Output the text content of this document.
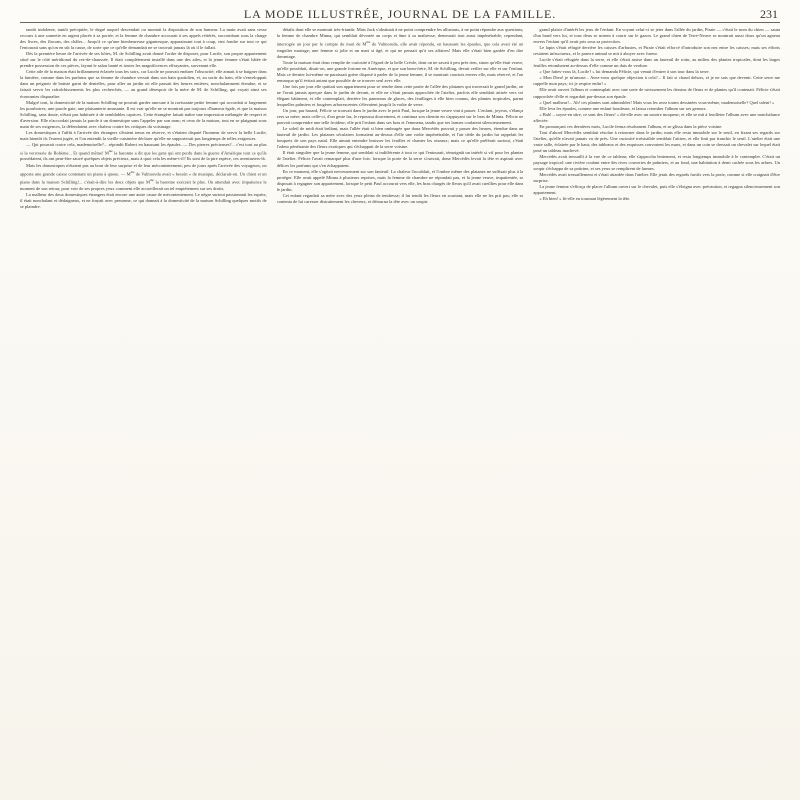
LA MODE ILLUSTRÉE, JOURNAL DE LA FAMILLE.	231

tantôt indolente, tantôt précipitée, le degré auquel descendait ou montait la disposition de son humeur. La main avait sans cesse recours à une sonnette en argent placée à sa portée, et la femme de chambre accourait à ses appels réitérés, succombant sous la charge des livres, des flacons, des châles... Jusqu'à ce qu'une bienheureuse gigantesque, apparaissant tout à coup, vint fondre sur tout ce qui l'entourait sans qu'on en sût la cause, de sorte que ce qu'elle demandait ne se trouvait jamais là où il le fallait.

Dès la première heure de l'arrivée de ses hôtes, M. de Schilling avait donné l'ordre de disposer, pour Lucile, son propre appartement situé sur le côté méridional du rez-de-chaussée. Il était complétement installé dans une des ailes, et la jeune femme s'était hâtée de prendre possession de ces pièces, fayant le salon hanté et toutes les magnificences effrayantes, survenant elle.

Cette aile de la maison était brillamment éclairée tous les soirs, car Lucile ne pouvait endurer l'obscurité; elle aimait à se baigner dans la lumière, comme dans les parfums que sa femme de chambre versait dans son bain quotidien, et, au sortir du bain, elle s'enveloppait dans un peignoir de batiste garni de dentelles, pour aller au jardin où elle passait des heures entières, nonchalamment étendue, et se faisait servir les rafraîchissements les plus recherchés, — au grand désespoir de la mère de M. de Schilling, qui voyait ainsi ses économies disparaître.

Malgré tout, la domesticité de la maison Schilling ne pouvait garder rancune à la ravissante petite femme qui accordait si largement les pourboires; une parole gaie, une plaisanterie amusante. Il est vrai qu'elle ne se montrait pas toujours d'humeur égale, et que la maison Schilling, sans doute, n'était pas habituée à de semblables caprices. Cette étrangère faisait naître une impression mélangée de respect et d'aversion. Elle n'accordait jamais la parole à un domestique sans l'appeler par son nom; et ceux de la maison, tout en se plaignant sous main de ses exigences, la défendaient avec chaleur contre les critiques du voisinage.

Les domestiques à l'affût à l'arrivée des étrangers s'étaient tenus en réserve, et s'étaient disputé l'honneur de servir la belle Lucile; mais bientôt ils l'eurent jugée, et l'on entendit la vieille cuisinière déclarer qu'elle ne supporterait pas longtemps de telles exigences.

— Qui pourrait croire cela, mademoiselle?... répondit Robert en haussant les épaules. — Des pierres précieuses?... c'est tout au plus si la verroterie de Bohème... Et quand même! $M^{me}$ la baronne a dit que les gens qui ont perdu dans la guerre d'Amérique tout ce qu'ils possédaient, ils ont peut-être sauvé quelques objets précieux, mais à quoi cela les mène-t-il? Ils sont de la pire espèce, ces aventuriers-là.

Mais les domestiques n'étaient pas au bout de leur surprise et de leur mécontentement; peu de jours après l'arrivée des voyageurs, on apporta une grande caisse contenant un piano à queue. — $M^{me}$ de Valmoreda avait « besoin » de musique, déclarait-on. Un chien et un piano dans la maison Schilling!... c'était-à-dire les deux objets que $M^{me}$ la baronne exécrait le plus. On attendait avec impatience le moment de son retour, pour voir de ses propres yeux comment elle accueillerait un tel empiétement sur ses droits.

La malheur des deux domestiques étrangers était encore une autre cause de mécontentement. Le nègre surtout passionnait les esprits; il était nonchalant et dédaigneux, et ne frayait avec personne, ce qui donnait à la domesticité de la maison Schilling quelques motifs de se plaindre.

détails dont elle se montrait très-friande. Mais Jack s'obstinait à ne point comprendre les allusions, à ne point répondre aux questions; la femme de chambre Minna, qui semblait dévouée au corps et âme à sa maîtresse, demeurait tout aussi impénétrable; cependant, interrogée un jour par le compte du mari de $M^{me}$ de Valmoreda, elle avait répondu, en haussant les épaules, que cela avait été un singulier mariage; une femme si jolie et un mari si âgé, et qui ne pensait qu'à ses affaires! Mais elle s'était bien gardée d'en dire davantage.

Toute la maison était donc remplie de curiosité à l'égard de la belle Créole, dont on ne savait à peu près rien, sinon qu'elle était veuve, qu'elle possédait, disait-on, une grande fortune en Amérique, et que son beau-frère, M. de Schilling, devait veiller sur elle et sur l'enfant. Mais ce dernier lui-même ne paraissait guère disposé à parler de la jeune femme; il se montrait courtois envers elle, mais réservé, et l'on remarqua qu'il évitait autant que possible de se trouver seul avec elle.

Une fois par jour elle quittait son appartement pour se rendre dans cette partie de l'allée des platanes qui traversait le grand jardin; on ne l'avait jamais aperçue dans le jardin de devant, et elle ne s'était jamais approchée de l'atelier, parfois elle semblait attirée vers cet élégant bâtiment, et elle contemplait, derrière les panneaux de glaces, des feuillages à elle bien connus, des plantes tropicales, parmi lesquelles palmiers et fougères arborescentes s'élevaient jusqu'à la voûte de verre.

Un jour, par hasard, Félicie se trouvait dans le jardin avec le petit Paul, lorsque la jeune veuve vint à passer. L'enfant, joyeux, s'élança vers sa mère; mais celle-ci, d'un geste las, le repoussa doucement, et continua son chemin en s'appuyant sur le bras de Minna. Félicie ne pouvait comprendre une telle froideur; elle prit l'enfant dans ses bras et l'emmena, tandis que ses larmes coulaient silencieusement.

Le soleil de midi était brûlant, mais l'allée était si bien ombragée que dona Mercédès pouvait y passer des heures, étendue dans un fauteuil de jardin. Les platanes séculaires formaient au-dessus d'elle une voûte impénétrable, et l'air tiède du jardin lui rappelait les bosquets de son pays natal. Elle aimait entendre bruisser les feuilles et chanter les oiseaux; mais ce qu'elle préférait surtout, c'était l'odeur pénétrante des fleurs exotiques qui s'échappait de la serre voisine.

Il était singulier que la jeune femme, qui semblait si indifférente à tout ce qui l'entourait, témoignât un intérêt si vif pour les plantes de l'atelier. Félicie l'avait remarqué plus d'une fois: lorsque la porte de la serre s'ouvrait, dona Mercédès levait la tête et aspirait avec délices les parfums qui s'en échappaient.

En ce moment, elle s'agitait nerveusement sur son fauteuil. La chaleur l'accablait, et l'ombre même des platanes ne suffisait plus à la protéger. Elle avait appelé Minna à plusieurs reprises, mais la femme de chambre ne répondait pas, et la jeune veuve, impatientée, se disposait à regagner son appartement, lorsque le petit Paul accourut vers elle, les bras chargés de fleurs qu'il avait cueillies pour elle dans le jardin.

Cet enfant regardait sa mère avec des yeux pleins de tendresse; il lui tendit les fleurs en souriant, mais elle ne les prit pas; elle se contenta de lui caresser distraitement les cheveux, et détourna la tête avec un soupir.

grand plaisir d'intérêt les jeux de l'enfant. En voyant celui-ci se jeter dans l'allée du jardin, Pirate — c'était le nom du chien — sauta d'un bond vers lui, et tous deux se mirent à courir sur le gazon. Le grand chien de Terre-Neuve se montrait aussi doux qu'un agneau envers l'enfant qu'il avait pris sous sa protection.

Le lapin s'était réfugié derrière les caisses d'arbustes, et Pirate s'était efforcé d'introduire son nez entre les caisses; mais ses efforts restaient infructueux, et le pauvre animal se mit à aboyer avec fureur.

Lucile s'était réfugiée dans la serre, et elle s'était assise dans un fauteuil de rotin, au milieu des plantes tropicales, dont les larges feuilles retombaient au-dessus d'elle comme un dais de verdure.

« Que faites-vous là, Lucile? » lui demanda Félicie, qui venait d'entrer à son tour dans la serre.

« Mon Dieu! je m'amuse... Avez-vous quelque objection à cela?... Il fait si chaud dehors, et je ne sais que devenir. Cette serre me rappelle mon pays; ici je respire enfin! »

Elle avait ouvert l'album et contemplait avec une sorte de ravissement les dessins de fleurs et de plantes qu'il contenait. Félicie s'était rapprochée d'elle et regardait par-dessus son épaule.

« Quel malheur!... Ah! ces plantes sont admirables! Mais vous les avez toutes dessinées vous-même, mademoiselle? Quel talent! »

Elle leva les épaules, comme une enfant boudeuse, et laissa retomber l'album sur ses genoux.

« Bah!... soyez-en sûre, ce sont des fleurs! » dit-elle avec un sourire moqueur; et elle se mit à feuilleter l'album avec une nonchalance affectée.

En prononçant ces dernières mots, Lucile ferma résolument l'album, et se glissa dans la pièce voisine.

Tout d'abord Mercédès semblait résolue à retourner dans le jardin; mais elle resta immobile sur le seuil, en fixant ses regards sur l'atelier, qu'elle n'avait jamais vu de près. Une curiosité irrésistible semblait l'attirer, et elle finit par franchir le seuil. L'atelier était une vaste salle, éclairée par le haut; des tableaux et des esquisses couvraient les murs, et dans un coin se dressait un chevalet sur lequel était posé un tableau inachevé.

Mercédès avait tressailli à la vue de ce tableau; elle s'approcha lentement, et resta longtemps immobile à le contempler. C'était un paysage tropical: une rivière coulant entre des rives couvertes de palmiers, et au fond, une habitation à demi cachée sous les arbres. Un soupir s'échappa de sa poitrine, et ses yeux se remplirent de larmes.

Mercédès avait tressaillement et s'était attardée dans l'atelier. Elle jetait des regards furtifs vers la porte, comme si elle craignait d'être surprise.

La jeune femme s'efforça de placer l'album ouvert sur le chevalet, puis elle s'éloigna avec précaution, et regagna silencieusement son appartement.

« Eh bien! » fit-elle en tournant légèrement la tête.
